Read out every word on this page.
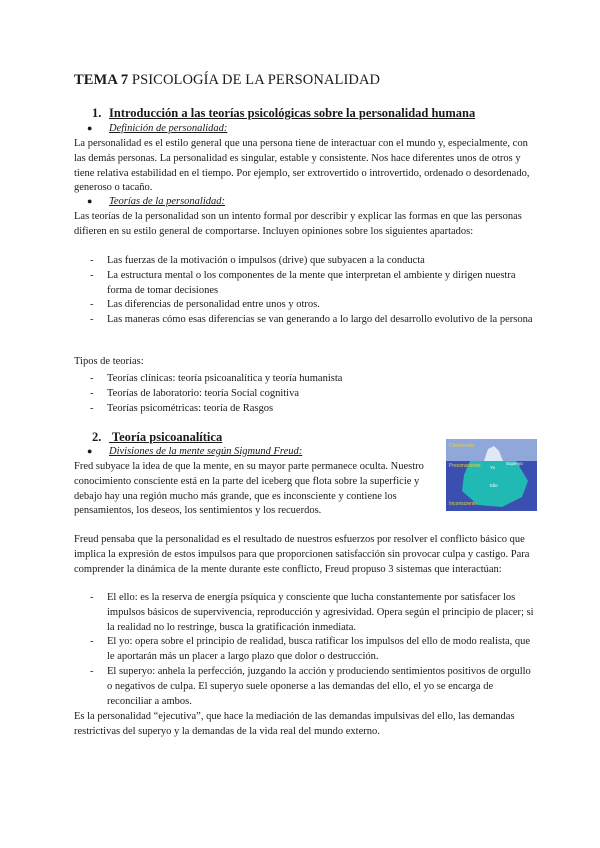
TEMA 7 PSICOLOGÍA DE LA PERSONALIDAD
1. Introducción a las teorías psicológicas sobre la personalidad humana
● Definición de personalidad:
La personalidad es el estilo general que una persona tiene de interactuar con el mundo y, especialmente, con las demás personas. La personalidad es singular, estable y consistente. Nos hace diferentes unos de otros y tiene relativa estabilidad en el tiempo. Por ejemplo, ser extrovertido o introvertido, ordenado o desordenado, generoso o tacaño.
● Teorías de la personalidad:
Las teorías de la personalidad son un intento formal por describir y explicar las formas en que las personas difieren en su estilo general de comportarse. Incluyen opiniones sobre los siguientes apartados:
- Las fuerzas de la motivación o impulsos (drive) que subyacen a la conducta
- La estructura mental o los componentes de la mente que interpretan el ambiente y dirigen nuestra forma de tomar decisiones
- Las diferencias de personalidad entre unos y otros.
- Las maneras cómo esas diferencias se van generando a lo largo del desarrollo evolutivo de la persona
Tipos de teorías:
- Teorías clínicas: teoría psicoanalítica y teoría humanista
- Teorías de laboratorio: teoría Social cognitiva
- Teorías psicométricas: teoría de Rasgos
2. Teoría psicoanalítica
● Divisiones de la mente según Sigmund Freud:
Fred subyace la idea de que la mente, en su mayor parte permanece oculta. Nuestro conocimiento consciente está en la parte del iceberg que flota sobre la superficie y debajo hay una región mucho más grande, que es inconsciente y contiene los pensamientos, los deseos, los sentimientos y los recuerdos.
Consciente
Preconsciente
Inconsciente
Superyo
Yo
Ello
Freud pensaba que la personalidad es el resultado de nuestros esfuerzos por resolver el conflicto básico que implica la expresión de estos impulsos para que proporcionen satisfacción sin provocar culpa y castigo. Para comprender la dinámica de la mente durante este conflicto, Freud propuso 3 sistemas que interactúan:
- El ello: es la reserva de energía psíquica y consciente que lucha constantemente por satisfacer los impulsos básicos de supervivencia, reproducción y agresividad. Opera según el principio de placer; si la realidad no lo restringe, busca la gratificación inmediata.
- El yo: opera sobre el principio de realidad, busca ratificar los impulsos del ello de modo realista, que le aportarán más un placer a largo plazo que dolor o destrucción.
- El superyo: anhela la perfección, juzgando la acción y produciendo sentimientos positivos de orgullo o negativos de culpa. El superyo suele oponerse a las demandas del ello, el yo se encarga de reconciliar a ambos.
Es la personalidad “ejecutiva”, que hace la mediación de las demandas impulsivas del ello, las demandas restrictivas del superyo y la demandas de la vida real del mundo externo.
